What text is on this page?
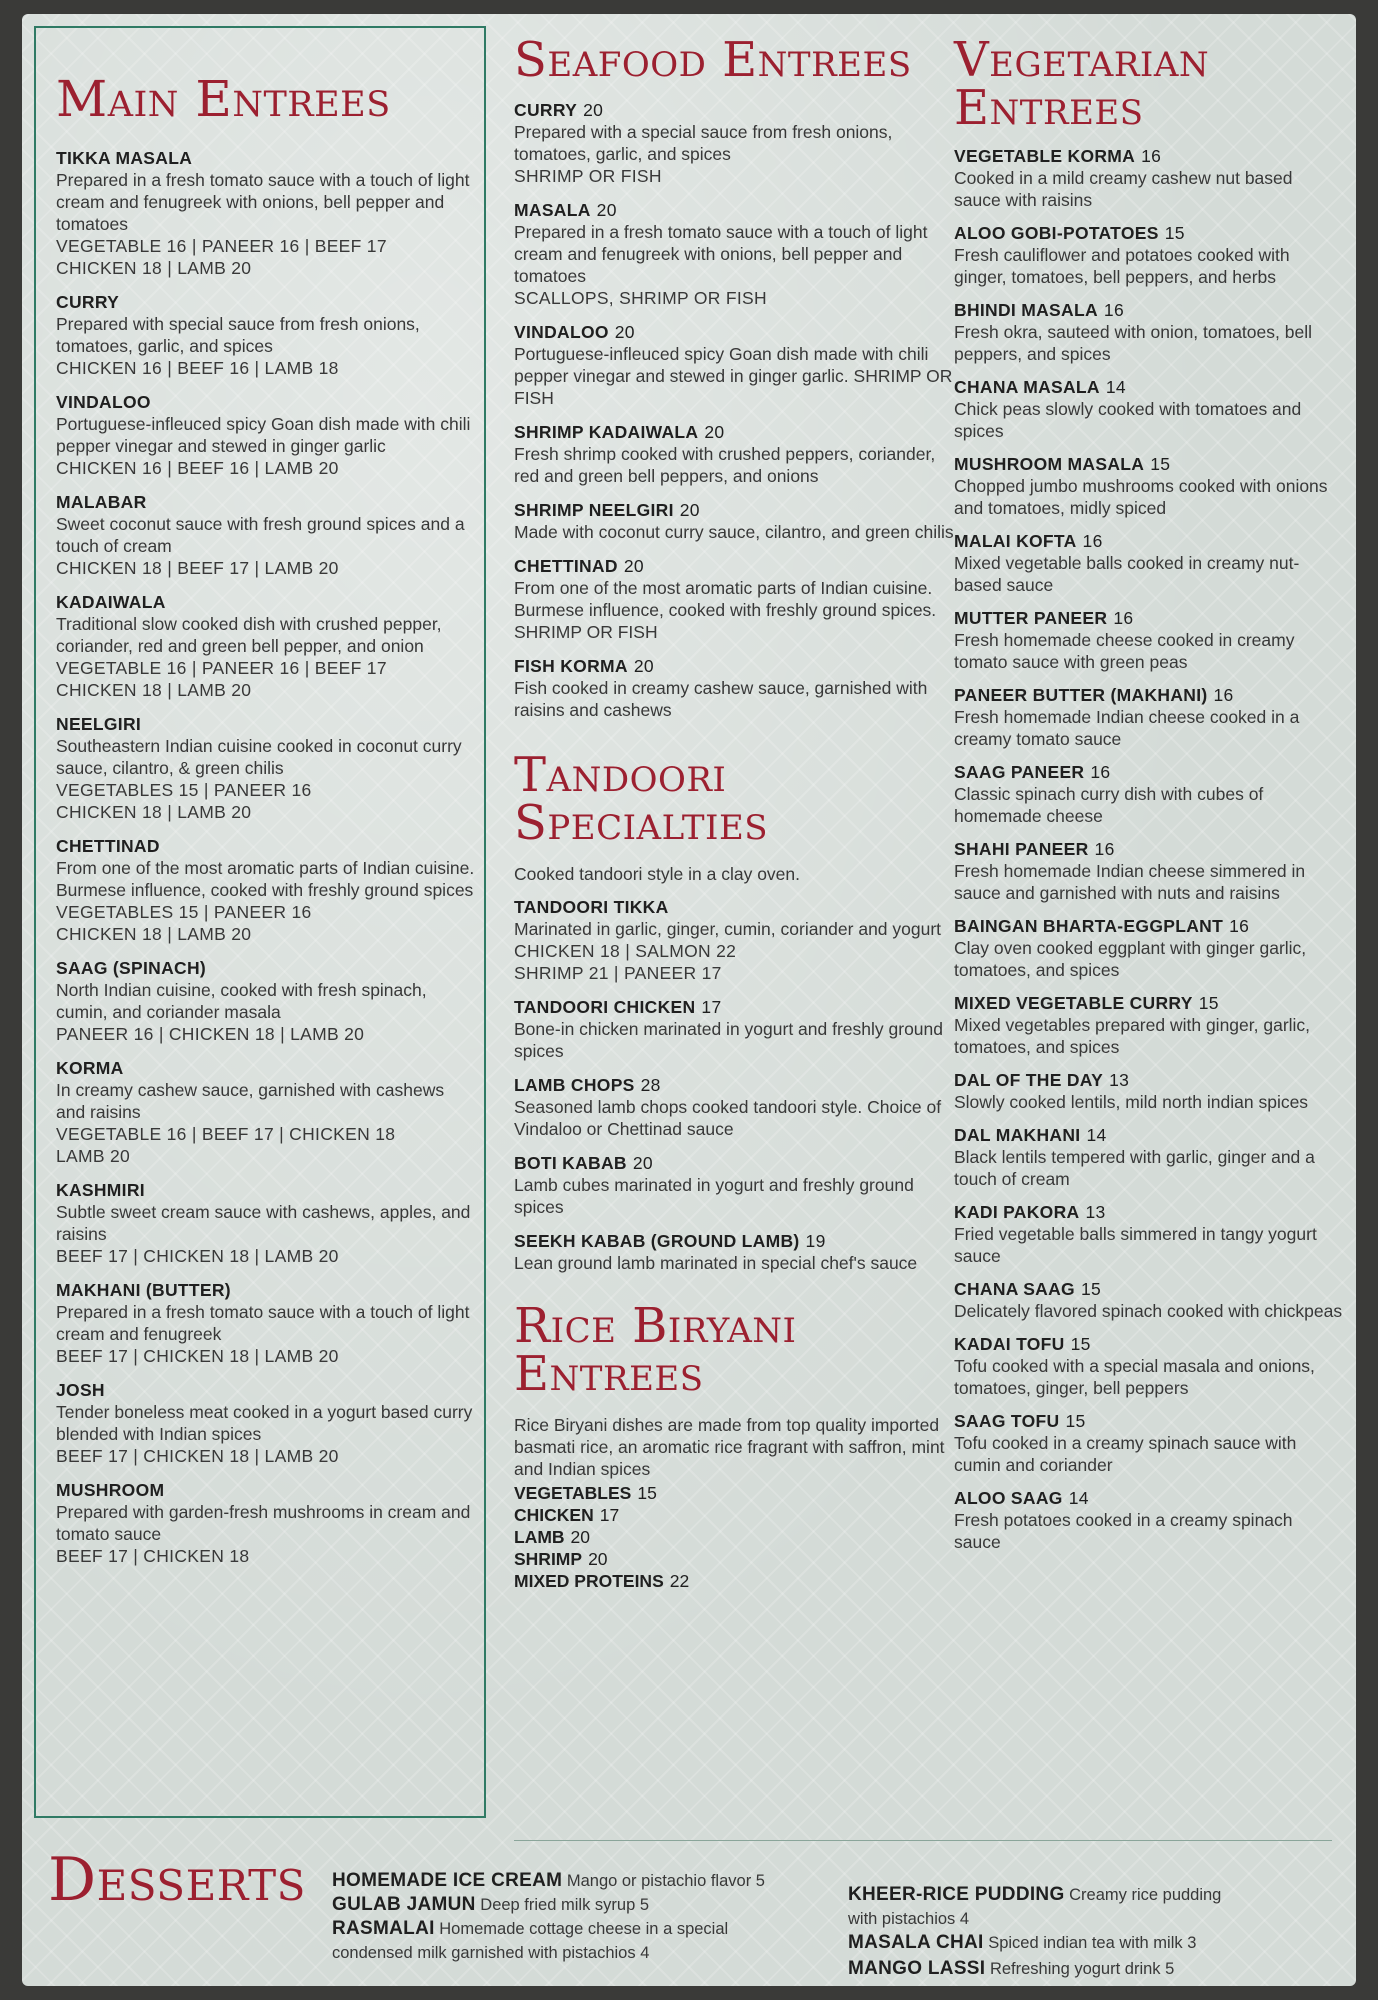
Main Entrees
TIKKA MASALA
Prepared in a fresh tomato sauce with a touch of light cream and fenugreek with onions, bell pepper and tomatoes
VEGETABLE 16 | PANEER 16 | BEEF 17
CHICKEN 18 | LAMB 20
CURRY
Prepared with special sauce from fresh onions, tomatoes, garlic, and spices
CHICKEN 16 | BEEF 16 | LAMB 18
VINDALOO
Portuguese-infleuced spicy Goan dish made with chili pepper vinegar and stewed in ginger garlic
CHICKEN 16 | BEEF 16 | LAMB 20
MALABAR
Sweet coconut sauce with fresh ground spices and a touch of cream
CHICKEN 18 | BEEF 17 | LAMB 20
KADAIWALA
Traditional slow cooked dish with crushed pepper, coriander, red and green bell pepper, and onion
VEGETABLE 16 | PANEER 16 | BEEF 17
CHICKEN 18 | LAMB 20
NEELGIRI
Southeastern Indian cuisine cooked in coconut curry sauce, cilantro, & green chilis
VEGETABLES 15 | PANEER 16
CHICKEN 18 | LAMB 20
CHETTINAD
From one of the most aromatic parts of Indian cuisine. Burmese influence, cooked with freshly ground spices
VEGETABLES 15 | PANEER 16
CHICKEN 18 | LAMB 20
SAAG (SPINACH)
North Indian cuisine, cooked with fresh spinach, cumin, and coriander masala
PANEER 16 | CHICKEN 18 | LAMB 20
KORMA
In creamy cashew sauce, garnished with cashews and raisins
VEGETABLE 16 | BEEF 17 | CHICKEN 18
LAMB 20
KASHMIRI
Subtle sweet cream sauce with cashews, apples, and raisins
BEEF 17 | CHICKEN 18 | LAMB 20
MAKHANI (BUTTER)
Prepared in a fresh tomato sauce with a touch of light cream and fenugreek
BEEF 17 | CHICKEN 18 | LAMB 20
JOSH
Tender boneless meat cooked in a yogurt based curry blended with Indian spices
BEEF 17 | CHICKEN 18 | LAMB 20
MUSHROOM
Prepared with garden-fresh mushrooms in cream and tomato sauce
BEEF 17 | CHICKEN 18
Seafood Entrees
CURRY 20
Prepared with a special sauce from fresh onions, tomatoes, garlic, and spices
SHRIMP OR FISH
MASALA 20
Prepared in a fresh tomato sauce with a touch of light cream and fenugreek with onions, bell pepper and tomatoes
SCALLOPS, SHRIMP OR FISH
VINDALOO 20
Portuguese-infleuced spicy Goan dish made with chili pepper vinegar and stewed in ginger garlic. SHRIMP OR FISH
SHRIMP KADAIWALA 20
Fresh shrimp cooked with crushed peppers, coriander, red and green bell peppers, and onions
SHRIMP NEELGIRI 20
Made with coconut curry sauce, cilantro, and green chilis
CHETTINAD 20
From one of the most aromatic parts of Indian cuisine. Burmese influence, cooked with freshly ground spices. SHRIMP OR FISH
FISH KORMA 20
Fish cooked in creamy cashew sauce, garnished with raisins and cashews
Tandoori
Specialties
Cooked tandoori style in a clay oven.
TANDOORI TIKKA
Marinated in garlic, ginger, cumin, coriander and yogurt
CHICKEN 18 | SALMON 22
SHRIMP 21 | PANEER 17
TANDOORI CHICKEN 17
Bone-in chicken marinated in yogurt and freshly ground spices
LAMB CHOPS 28
Seasoned lamb chops cooked tandoori style. Choice of Vindaloo or Chettinad sauce
BOTI KABAB 20
Lamb cubes marinated in yogurt and freshly ground spices
SEEKH KABAB (GROUND LAMB) 19
Lean ground lamb marinated in special chef's sauce
Rice Biryani
Entrees
Rice Biryani dishes are made from top quality imported basmati rice, an aromatic rice fragrant with saffron, mint and Indian spices
VEGETABLES 15
CHICKEN 17
LAMB 20
SHRIMP 20
MIXED PROTEINS 22
Vegetarian
Entrees
VEGETABLE KORMA 16
Cooked in a mild creamy cashew nut based sauce with raisins
ALOO GOBI-POTATOES 15
Fresh cauliflower and potatoes cooked with ginger, tomatoes, bell peppers, and herbs
BHINDI MASALA 16
Fresh okra, sauteed with onion, tomatoes, bell peppers, and spices
CHANA MASALA 14
Chick peas slowly cooked with tomatoes and spices
MUSHROOM MASALA 15
Chopped jumbo mushrooms cooked with onions and tomatoes, midly spiced
MALAI KOFTA 16
Mixed vegetable balls cooked in creamy nut-based sauce
MUTTER PANEER 16
Fresh homemade cheese cooked in creamy tomato sauce with green peas
PANEER BUTTER (MAKHANI) 16
Fresh homemade Indian cheese cooked in a creamy tomato sauce
SAAG PANEER 16
Classic spinach curry dish with cubes of homemade cheese
SHAHI PANEER 16
Fresh homemade Indian cheese simmered in sauce and garnished with nuts and raisins
BAINGAN BHARTA-EGGPLANT 16
Clay oven cooked eggplant with ginger garlic, tomatoes, and spices
MIXED VEGETABLE CURRY 15
Mixed vegetables prepared with ginger, garlic, tomatoes, and spices
DAL OF THE DAY 13
Slowly cooked lentils, mild north indian spices
DAL MAKHANI 14
Black lentils tempered with garlic, ginger and a touch of cream
KADI PAKORA 13
Fried vegetable balls simmered in tangy yogurt sauce
CHANA SAAG 15
Delicately flavored spinach cooked with chickpeas
KADAI TOFU 15
Tofu cooked with a special masala and onions, tomatoes, ginger, bell peppers
SAAG TOFU 15
Tofu cooked in a creamy spinach sauce with cumin and coriander
ALOO SAAG 14
Fresh potatoes cooked in a creamy spinach sauce
Desserts HOMEMADE ICE CREAM Mango or pistachio flavor 5
GULAB JAMUN Deep fried milk syrup 5
RASMALAI Homemade cottage cheese in a special
condensed milk garnished with pistachios 4
KHEER-RICE PUDDING Creamy rice pudding
with pistachios 4
MASALA CHAI Spiced indian tea with milk 3
MANGO LASSI Refreshing yogurt drink 5
